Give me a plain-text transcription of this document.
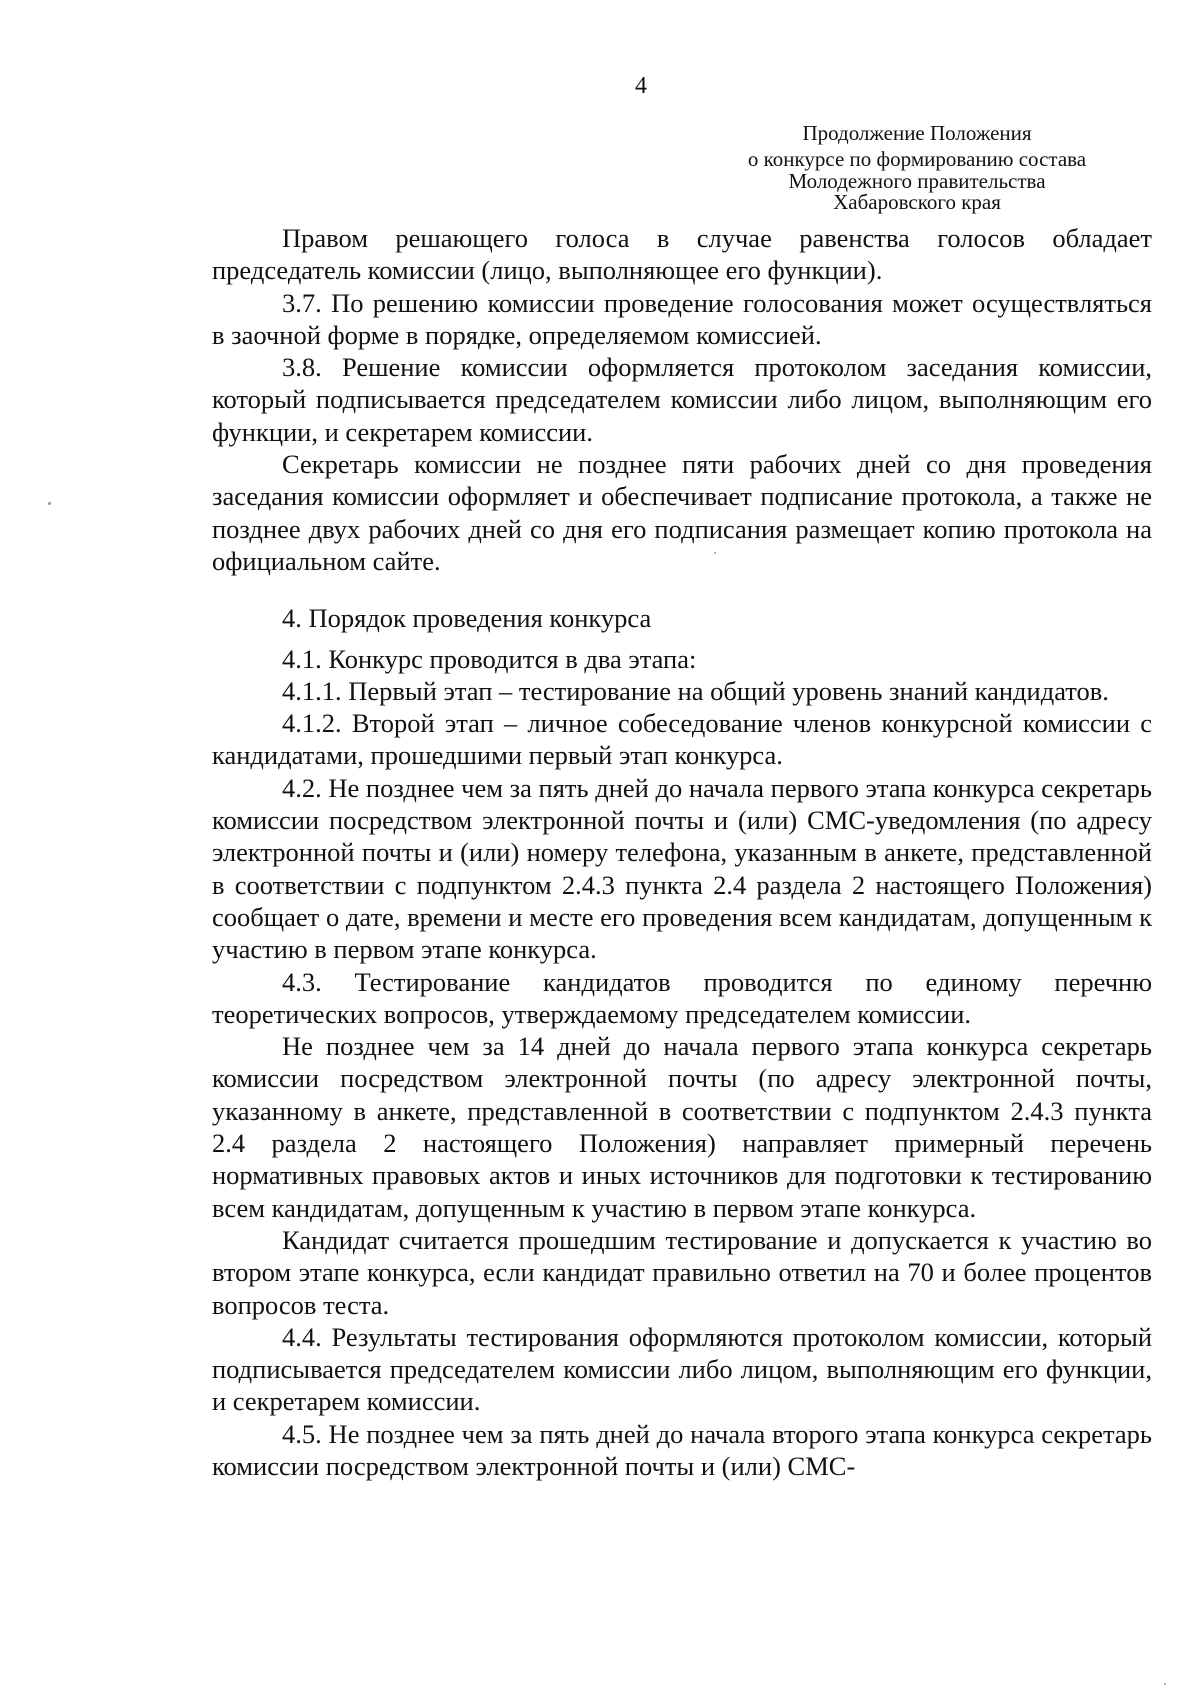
4
Продолжение Положения
о конкурсе по формированию состава
Молодежного правительства
Хабаровского края

Правом решающего голоса в случае равенства голосов обладает председатель комиссии (лицо, выполняющее его функции).

3.7. По решению комиссии проведение голосования может осуществляться в заочной форме в порядке, определяемом комиссией.

3.8. Решение комиссии оформляется протоколом заседания комиссии, который подписывается председателем комиссии либо лицом, выполняющим его функции, и секретарем комиссии.

Секретарь комиссии не позднее пяти рабочих дней со дня проведения заседания комиссии оформляет и обеспечивает подписание протокола, а также не позднее двух рабочих дней со дня его подписания размещает копию протокола на официальном сайте.

4. Порядок проведения конкурса

4.1. Конкурс проводится в два этапа:

4.1.1. Первый этап – тестирование на общий уровень знаний кандидатов.

4.1.2. Второй этап – личное собеседование членов конкурсной комиссии с кандидатами, прошедшими первый этап конкурса.

4.2. Не позднее чем за пять дней до начала первого этапа конкурса секретарь комиссии посредством электронной почты и (или) СМС-уведомления (по адресу электронной почты и (или) номеру телефона, указанным в анкете, представленной в соответствии с подпунктом 2.4.3 пункта 2.4 раздела 2 настоящего Положения) сообщает о дате, времени и месте его проведения всем кандидатам, допущенным к участию в первом этапе конкурса.

4.3. Тестирование кандидатов проводится по единому перечню теоретических вопросов, утверждаемому председателем комиссии.

Не позднее чем за 14 дней до начала первого этапа конкурса секретарь комиссии посредством электронной почты (по адресу электронной почты, указанному в анкете, представленной в соответствии с подпунктом 2.4.3 пункта 2.4 раздела 2 настоящего Положения) направляет примерный перечень нормативных правовых актов и иных источников для подготовки к тестированию всем кандидатам, допущенным к участию в первом этапе конкурса.

Кандидат считается прошедшим тестирование и допускается к участию во втором этапе конкурса, если кандидат правильно ответил на 70 и более процентов вопросов теста.

4.4. Результаты тестирования оформляются протоколом комиссии, который подписывается председателем комиссии либо лицом, выполняющим его функции, и секретарем комиссии.

4.5. Не позднее чем за пять дней до начала второго этапа конкурса секретарь комиссии посредством электронной почты и (или) СМС-
